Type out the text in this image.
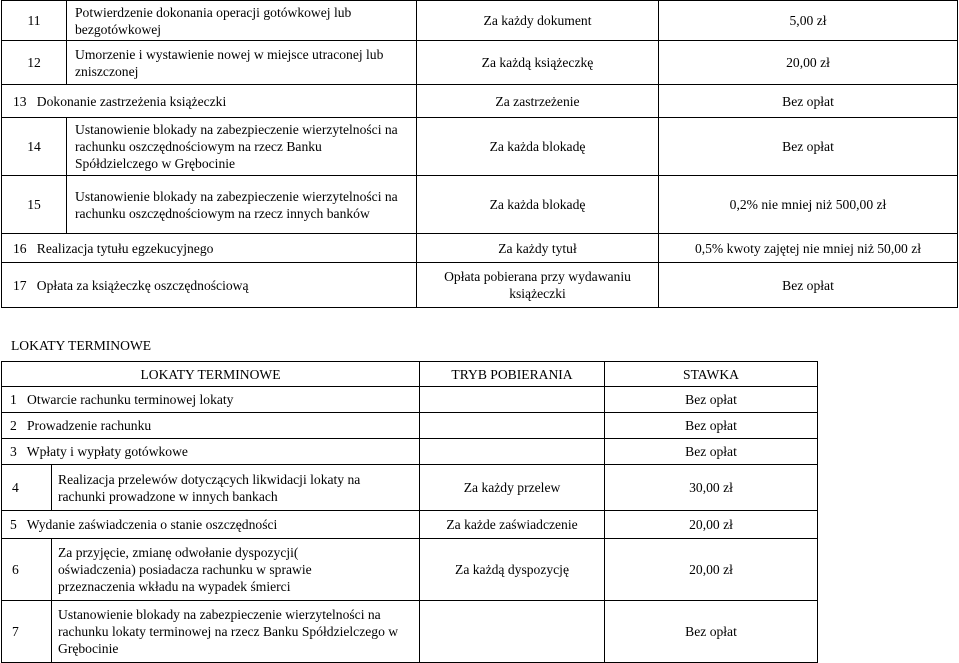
11	Potwierdzenie dokonania operacji gotówkowej lub bezgotówkowej	Za każdy dokument	5,00 zł
12	Umorzenie i wystawienie nowej w miejsce utraconej lub zniszczonej	Za każdą książeczkę	20,00 zł
13 Dokonanie zastrzeżenia książeczki		Za zastrzeżenie	Bez opłat
14	Ustanowienie blokady na zabezpieczenie wierzytelności na rachunku oszczędnościowym na rzecz Banku Spółdzielczego w Grębocinie	Za każda blokadę	Bez opłat
15	Ustanowienie blokady na zabezpieczenie wierzytelności na rachunku oszczędnościowym na rzecz innych banków	Za każda blokadę	0,2% nie mniej niż 500,00 zł
16 Realizacja tytułu egzekucyjnego		Za każdy tytuł	0,5% kwoty zajętej nie mniej niż 50,00 zł
17 Opłata za książeczkę oszczędnościową		Opłata pobierana przy wydawaniu książeczki	Bez opłat
LOKATY TERMINOWE
LOKATY TERMINOWE		TRYB POBIERANIA	STAWKA
1 Otwarcie rachunku terminowej lokaty			Bez opłat
2 Prowadzenie rachunku			Bez opłat
3 Wpłaty i wypłaty gotówkowe			Bez opłat
4	Realizacja przelewów dotyczących likwidacji lokaty na rachunki prowadzone w innych bankach	Za każdy przelew	30,00 zł
5 Wydanie zaświadczenia o stanie oszczędności		Za każde zaświadczenie	20,00 zł
6	Za przyjęcie, zmianę odwołanie dyspozycji( oświadczenia) posiadacza rachunku w sprawie przeznaczenia wkładu na wypadek śmierci	Za każdą dyspozycję	20,00 zł
7	Ustanowienie blokady na zabezpieczenie wierzytelności na rachunku lokaty terminowej na rzecz Banku Spółdzielczego w Grębocinie		Bez opłat
